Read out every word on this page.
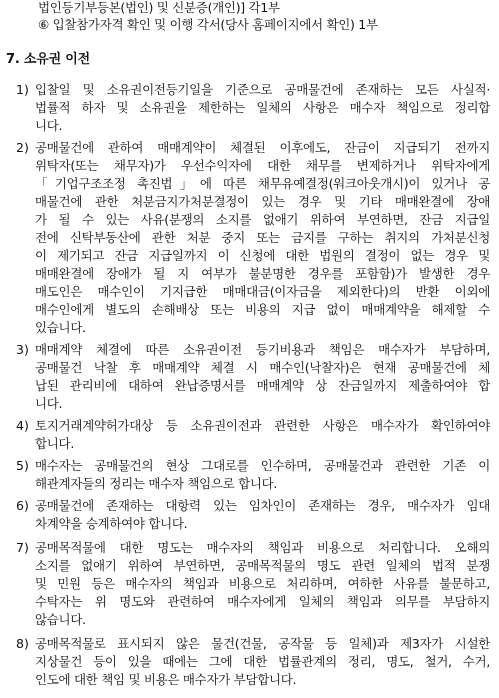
법인등기부등본(법인) 및 신분증(개인)] 각1부
⑥ 입찰참가자격 확인 및 이행 각서(당사 홈페이지에서 확인) 1부
7. 소유권 이전
1) 입찰일 및 소유권이전등기일을 기준으로 공매물건에 존재하는 모든 사실적·
법률적 하자 및 소유권을 제한하는 일체의 사항은 매수자 책임으로 정리합
니다.
2) 공매물건에 관하여 매매계약이 체결된 이후에도, 잔금이 지급되기 전까지
위탁자(또는 채무자)가 우선수익자에 대한 채무를 변제하거나 위탁자에게
「기업구조조정 촉진법」에 따른 채무유예결정(워크아웃개시)이 있거나 공
매물건에 관한 처분금지가처분결정이 있는 경우 및 기타 매매완결에 장애
가 될 수 있는 사유(분쟁의 소지를 없애기 위하여 부연하면, 잔금 지급일
전에 신탁부동산에 관한 처분 중지 또는 금지를 구하는 취지의 가처분신청
이 제기되고 잔금 지급일까지 이 신청에 대한 법원의 결정이 없는 경우 및
매매완결에 장애가 될 지 여부가 불분명한 경우를 포함함)가 발생한 경우
매도인은 매수인이 기지급한 매매대금(이자금을 제외한다)의 반환 이외에
매수인에게 별도의 손해배상 또는 비용의 지급 없이 매매계약을 해제할 수
있습니다.
3) 매매계약 체결에 따른 소유권이전 등기비용과 책임은 매수자가 부담하며,
공매물건 낙찰 후 매매계약 체결 시 매수인(낙찰자)은 현재 공매물건에 체
납된 관리비에 대하여 완납증명서를 매매계약 상 잔금일까지 제출하여야 합
니다.
4) 토지거래계약허가대상 등 소유권이전과 관련한 사항은 매수자가 확인하여야
합니다.
5) 매수자는 공매물건의 현상 그대로를 인수하며, 공매물건과 관련한 기존 이
해관계자들의 정리는 매수자 책임으로 합니다.
6) 공매물건에 존재하는 대항력 있는 임차인이 존재하는 경우, 매수자가 임대
차계약을 승계하여야 합니다.
7) 공매목적물에 대한 명도는 매수자의 책임과 비용으로 처리합니다. 오해의
소지를 없애기 위하여 부연하면, 공매목적물의 명도 관련 일체의 법적 분쟁
및 민원 등은 매수자의 책임과 비용으로 처리하며, 여하한 사유를 불문하고,
수탁자는 위 명도와 관련하여 매수자에게 일체의 책임과 의무를 부담하지
않습니다.
8) 공매목적물로 표시되지 않은 물건(건물, 공작물 등 일체)과 제3자가 시설한
지상물건 등이 있을 때에는 그에 대한 법률관계의 정리, 명도, 철거, 수거,
인도에 대한 책임 및 비용은 매수자가 부담합니다.
